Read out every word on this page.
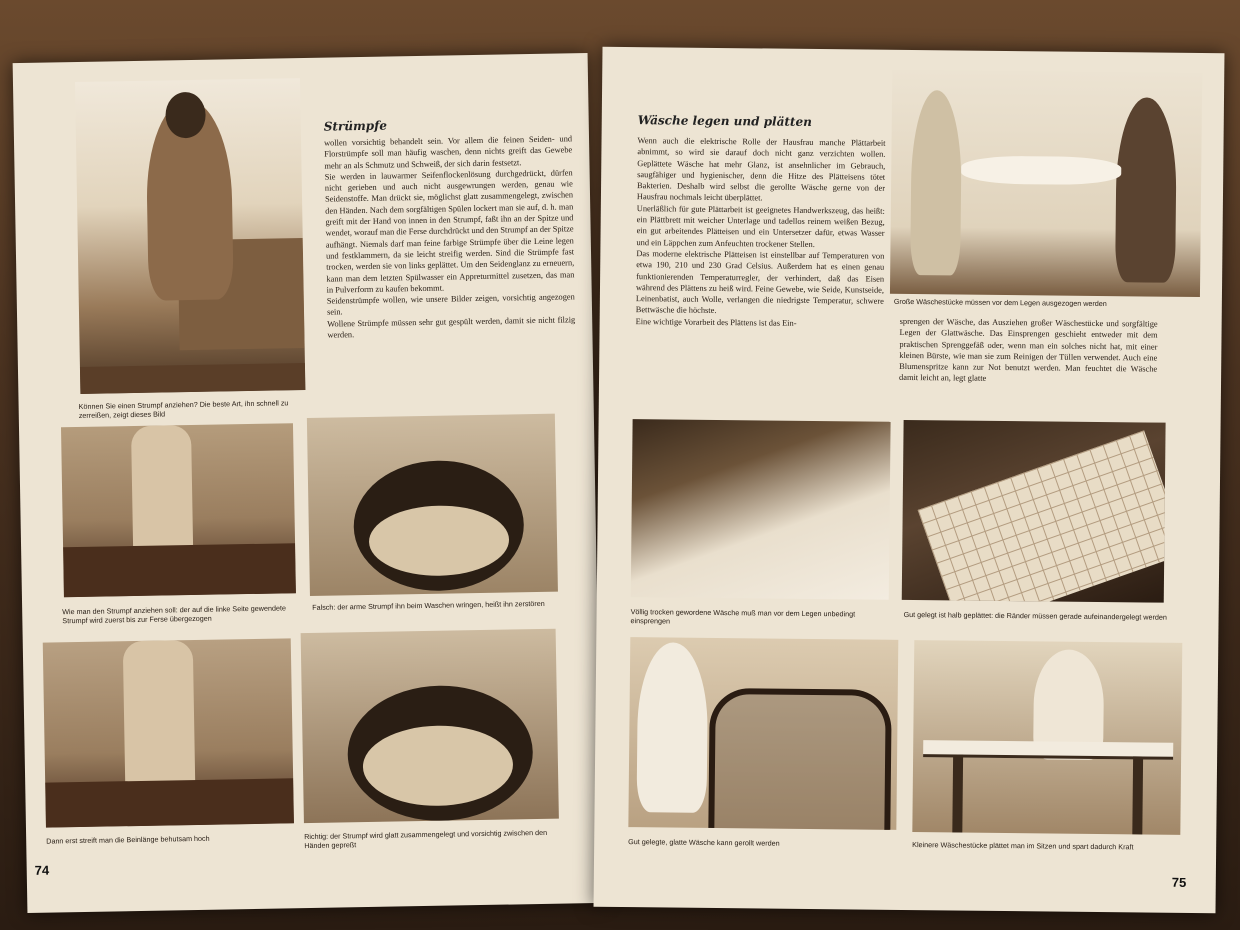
Können Sie einen Strumpf anziehen? Die beste Art, ihn schnell zu zerreißen, zeigt dieses Bild
Strümpfe

wollen vorsichtig behandelt sein. Vor allem die feinen Seiden- und Florstrümpfe soll man häufig waschen, denn nichts greift das Gewebe mehr an als Schmutz und Schweiß, der sich darin festsetzt.

Sie werden in lauwarmer Seifenflockenlösung durchgedrückt, dürfen nicht gerieben und auch nicht ausgewrungen werden, genau wie Seidenstoffe. Man drückt sie, möglichst glatt zusammengelegt, zwischen den Händen. Nach dem sorgfältigen Spülen lockert man sie auf, d. h. man greift mit der Hand von innen in den Strumpf, faßt ihn an der Spitze und wendet, worauf man die Ferse durchdrückt und den Strumpf an der Spitze aufhängt. Niemals darf man feine farbige Strümpfe über die Leine legen und festklammern, da sie leicht streifig werden. Sind die Strümpfe fast trocken, werden sie von links geplättet. Um den Seidenglanz zu erneuern, kann man dem letzten Spülwasser ein Appreturmittel zusetzen, das man in Pulverform zu kaufen bekommt.

Seidenstrümpfe wollen, wie unsere Bilder zeigen, vorsichtig angezogen sein.

Wollene Strümpfe müssen sehr gut gespült werden, damit sie nicht filzig werden.

Wie man den Strumpf anziehen soll: der auf die linke Seite gewendete Strumpf wird zuerst bis zur Ferse übergezogen
Falsch: der arme Strumpf ihn beim Waschen wringen, heißt ihn zerstören
Dann erst streift man die Beinlänge behutsam hoch	Richtig: der Strumpf wird glatt zusammengelegt und vorsichtig zwischen den Händen gepreßt
74
Wäsche legen und plätten

Wenn auch die elektrische Rolle der Hausfrau manche Plättarbeit abnimmt, so wird sie darauf doch nicht ganz verzichten wollen. Geplättete Wäsche hat mehr Glanz, ist ansehnlicher im Gebrauch, saugfähiger und hygienischer, denn die Hitze des Plätteisens tötet Bakterien. Deshalb wird selbst die gerollte Wäsche gerne von der Hausfrau nochmals leicht überplättet.

Unerläßlich für gute Plättarbeit ist geeignetes Handwerkszeug, das heißt: ein Plättbrett mit weicher Unterlage und tadellos reinem weißen Bezug, ein gut arbeitendes Plätteisen und ein Untersetzer dafür, etwas Wasser und ein Läppchen zum Anfeuchten trockener Stellen.

Das moderne elektrische Plätteisen ist einstellbar auf Temperaturen von etwa 190, 210 und 230 Grad Celsius. Außerdem hat es einen genau funktionierenden Temperaturregler, der verhindert, daß das Eisen während des Plättens zu heiß wird. Feine Gewebe, wie Seide, Kunstseide, Leinenbatist, auch Wolle, verlangen die niedrigste Temperatur, schwere Bettwäsche die höchste.

Eine wichtige Vorarbeit des Plättens ist das Ein-

Große Wäschestücke müssen vor dem Legen ausgezogen werden

sprengen der Wäsche, das Ausziehen großer Wäschestücke und sorgfältige Legen der Glattwäsche. Das Einsprengen geschieht entweder mit dem praktischen Sprenggefäß oder, wenn man ein solches nicht hat, mit einer kleinen Bürste, wie man sie zum Reinigen der Tüllen verwendet. Auch eine Blumenspritze kann zur Not benutzt werden. Man feuchtet die Wäsche damit leicht an, legt glatte

Völlig trocken gewordene Wäsche muß man vor dem Legen unbedingt einsprengen	Gut gelegt ist halb geplättet: die Ränder müssen gerade aufeinandergelegt werden
Gut gelegte, glatte Wäsche kann gerollt werden	Kleinere Wäschestücke plättet man im Sitzen und spart dadurch Kraft
75
